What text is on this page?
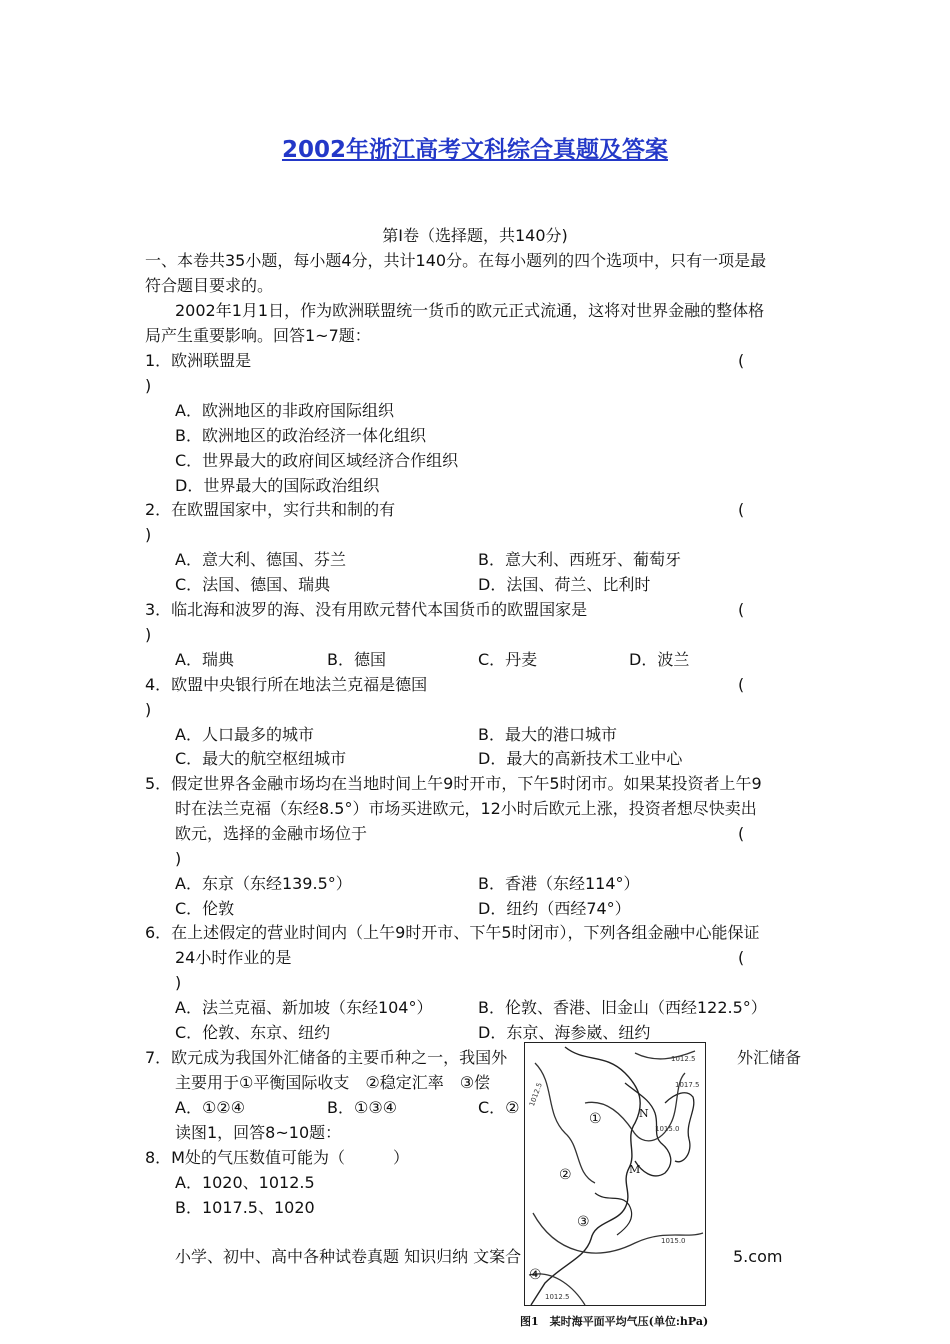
2002年浙江高考文科综合真题及答案
第I卷（选择题，共140分)
一、本卷共35小题，每小题4分，共计140分。在每小题列的四个选项中，只有一项是最
符合题目要求的。
2002年1月1日，作为欧洲联盟统一货币的欧元正式流通，这将对世界金融的整体格
局产生重要影响。回答1~7题：
1．欧洲联盟是	(
)
A．欧洲地区的非政府国际组织
B．欧洲地区的政治经济一体化组织
C．世界最大的政府间区域经济合作组织
D．世界最大的国际政治组织
2．在欧盟国家中，实行共和制的有	(
)
A．意大利、德国、芬兰	B．意大利、西班牙、葡萄牙
C．法国、德国、瑞典	D．法国、荷兰、比利时
3．临北海和波罗的海、没有用欧元替代本国货币的欧盟国家是	(
)
A．瑞典	B．德国	C．丹麦	D．波兰
4．欧盟中央银行所在地法兰克福是德国	(
)
A．人口最多的城市	B．最大的港口城市
C．最大的航空枢纽城市	D．最大的高新技术工业中心
5．假定世界各金融市场均在当地时间上午9时开市，下午5时闭市。如果某投资者上午9
时在法兰克福（东经8.5°）市场买进欧元，12小时后欧元上涨，投资者想尽快卖出
欧元，选择的金融市场位于	(
)
A．东京（东经139.5°）	B．香港（东经114°）
C．伦敦	D．纽约（西经74°）
6．在上述假定的营业时间内（上午9时开市、下午5时闭市），下列各组金融中心能保证
24小时作业的是	(
)
A．法兰克福、新加坡（东经104°）	B．伦敦、香港、旧金山（西经122.5°）
C．伦敦、东京、纽约	D．东京、海参崴、纽约
7．欧元成为我国外汇储备的主要币种之一，我国外	外汇储备
主要用于①平衡国际收支　②稳定汇率　③偿
A．①②④	B．①③④	C．②
读图1，回答8~10题：
8．M处的气压数值可能为（　　　）
A．1020、1012.5
B．1017.5、1020
小学、初中、高中各种试卷真题 知识归纳 文案合	5.com
1012.5
1015.0
1012.5
1015.0
1017.5
1012.5
①
②
③
④
N
M
图1　某时海平面平均气压(单位:hPa)
